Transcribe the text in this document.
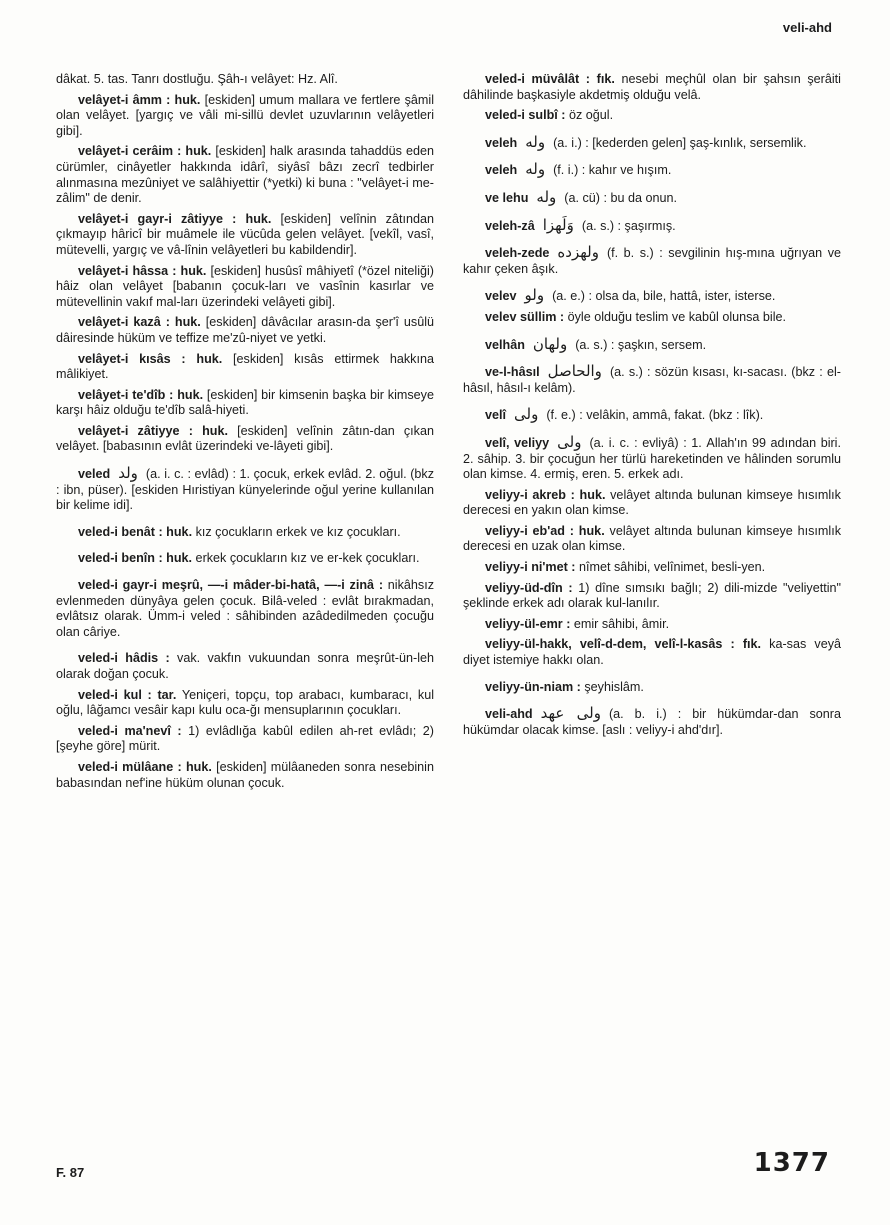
veli-ahd

dâkat. 5. tas. Tanrı dostluğu. Şâh-ı velâyet: Hz. Alî.

velâyet-i âmm : huk. [eskiden] umum mallara ve fertlere şâmil olan velâyet. [yargıç ve vâli mi-sillü devlet uzuvlarının velâyetleri gibi].

velâyet-i cerâim : huk. [eskiden] halk arasında tahaddüs eden cürümler, cinâyetler hakkında idârî, siyâsî bâzı zecrî tedbirler alınmasına mezûniyet ve salâhiyettir (*yetki) ki buna : "velâyet-i me-zâlim" de denir.

velâyet-i gayr-i zâtiyye : huk. [eskiden] velînin zâtından çıkmayıp hâricî bir muâmele ile vücûda gelen velâyet. [vekîl, vasî, mütevelli, yargıç ve vâ-lînin velâyetleri bu kabildendir].

velâyet-i hâssa : huk. [eskiden] husûsî mâhiyetî (*özel niteliği) hâiz olan velâyet [babanın çocuk-ları ve vasînin kasırlar ve mütevellinin vakıf mal-ları üzerindeki velâyeti gibi].

velâyet-i kazâ : huk. [eskiden] dâvâcılar arasın-da şer'î usûlü dâiresinde hüküm ve teffize me'zû-niyet ve yetki.

velâyet-i kısâs : huk. [eskiden] kısâs ettirmek hakkına mâlikiyet.

velâyet-i te'dîb : huk. [eskiden] bir kimsenin başka bir kimseye karşı hâiz olduğu te'dîb salâ-hiyeti.

velâyet-i zâtiyye : huk. [eskiden] velînin zâtın-dan çıkan velâyet. [babasının evlât üzerindeki ve-lâyeti gibi].

veled ولد (a. i. c. : evlâd) : 1. çocuk, erkek evlâd. 2. oğul. (bkz : ibn, püser). [eskiden Hıristiyan künyelerinde oğul yerine kullanılan bir kelime idi].

veled-i benât : huk. kız çocukların erkek ve kız çocukları.

veled-i benîn : huk. erkek çocukların kız ve er-kek çocukları.

veled-i gayr-i meşrû, —-i mâder-bi-hatâ, —-i zinâ : nikâhsız evlenmeden dünyâya gelen çocuk. Bilâ-veled : evlât bırakmadan, evlâtsız olarak. Ümm-i veled : sâhibinden azâdedilmeden çocuğu olan câriye.

veled-i hâdis : vak. vakfın vukuundan sonra meşrût-ün-leh olarak doğan çocuk.

veled-i kul : tar. Yeniçeri, topçu, top arabacı, kumbaracı, kul oğlu, lâğamcı vesâir kapı kulu oca-ğı mensuplarının çocukları.

veled-i ma'nevî : 1) evlâdlığa kabûl edilen ah-ret evlâdı; 2) [şeyhe göre] mürit.

veled-i mülâane : huk. [eskiden] mülâaneden sonra nesebinin babasından nef'ine hüküm olunan çocuk.

veled-i müvâlât : fık. nesebi meçhûl olan bir şahsın şerâiti dâhilinde başkasiyle akdetmiş olduğu velâ.

veled-i sulbî : öz oğul.

veleh وله (a. i.) : [kederden gelen] şaş-kınlık, sersemlik.

veleh وله (f. i.) : kahır ve hışım.

ve lehu وله (a. cü) : bu da onun.

veleh-zâ وَلَهزا (a. s.) : şaşırmış.

veleh-zede ولهزده (f. b. s.) : sevgilinin hış-mına uğrıyan ve kahır çeken âşık.

velev ولو (a. e.) : olsa da, bile, hattâ, ister, isterse.

velev süllim : öyle olduğu teslim ve kabûl olunsa bile.

velhân ولهان (a. s.) : şaşkın, sersem.

ve-l-hâsıl والحاصل (a. s.) : sözün kısası, kı-sacası. (bkz : el-hâsıl, hâsıl-ı kelâm).

velî ولى (f. e.) : velâkin, ammâ, fakat. (bkz : lîk).

velî, veliyy ولى (a. i. c. : evliyâ) : 1. Allah'ın 99 adından biri. 2. sâhip. 3. bir çocuğun her türlü hareketinden ve hâlinden sorumlu olan kimse. 4. ermiş, eren. 5. erkek adı.

veliyy-i akreb : huk. velâyet altında bulunan kimseye hısımlık derecesi en yakın olan kimse.

veliyy-i eb'ad : huk. velâyet altında bulunan kimseye hısımlık derecesi en uzak olan kimse.

veliyy-i ni'met : nîmet sâhibi, velînimet, besli-yen.

veliyy-üd-dîn : 1) dîne sımsıkı bağlı; 2) dili-mizde "veliyettin" şeklinde erkek adı olarak kul-lanılır.

veliyy-ül-emr : emir sâhibi, âmir.

veliyy-ül-hakk, velî-d-dem, velî-l-kasâs : fık. ka-sas veyâ diyet istemiye hakkı olan.

veliyy-ün-niam : şeyhislâm.

veli-ahd ولى عهد (a. b. i.) : bir hükümdar-dan sonra hükümdar olacak kimse. [aslı : veliyy-i ahd'dır].

F. 87	1377
